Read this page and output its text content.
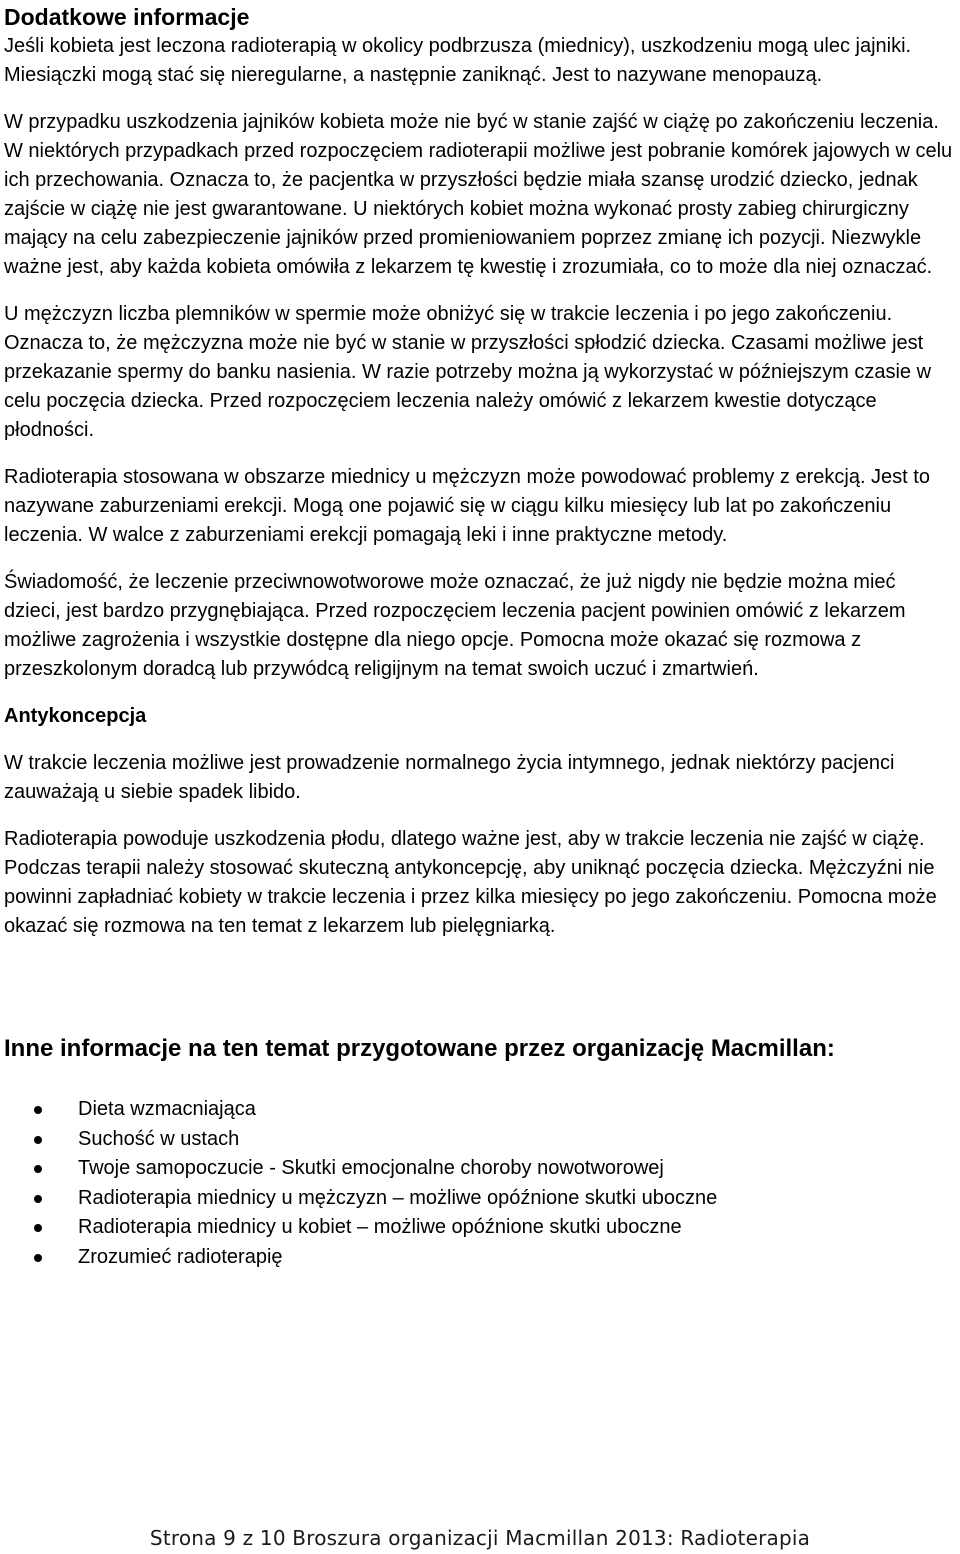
Dodatkowe informacje

Jeśli kobieta jest leczona radioterapią w okolicy podbrzusza (miednicy), uszkodzeniu mogą ulec jajniki. Miesiączki mogą stać się nieregularne, a następnie zaniknąć. Jest to nazywane menopauzą.

W przypadku uszkodzenia jajników kobieta może nie być w stanie zajść w ciążę po zakończeniu leczenia. W niektórych przypadkach przed rozpoczęciem radioterapii możliwe jest pobranie komórek jajowych w celu ich przechowania. Oznacza to, że pacjentka w przyszłości będzie miała szansę urodzić dziecko, jednak zajście w ciążę nie jest gwarantowane. U niektórych kobiet można wykonać prosty zabieg chirurgiczny mający na celu zabezpieczenie jajników przed promieniowaniem poprzez zmianę ich pozycji. Niezwykle ważne jest, aby każda kobieta omówiła z lekarzem tę kwestię i zrozumiała, co to może dla niej oznaczać.

U mężczyzn liczba plemników w spermie może obniżyć się w trakcie leczenia i po jego zakończeniu. Oznacza to, że mężczyzna może nie być w stanie w przyszłości spłodzić dziecka. Czasami możliwe jest przekazanie spermy do banku nasienia. W razie potrzeby można ją wykorzystać w późniejszym czasie w celu poczęcia dziecka. Przed rozpoczęciem leczenia należy omówić z lekarzem kwestie dotyczące płodności.

Radioterapia stosowana w obszarze miednicy u mężczyzn może powodować problemy z erekcją. Jest to nazywane zaburzeniami erekcji. Mogą one pojawić się w ciągu kilku miesięcy lub lat po zakończeniu leczenia. W walce z zaburzeniami erekcji pomagają leki i inne praktyczne metody.

Świadomość, że leczenie przeciwnowotworowe może oznaczać, że już nigdy nie będzie można mieć dzieci, jest bardzo przygnębiająca. Przed rozpoczęciem leczenia pacjent powinien omówić z lekarzem możliwe zagrożenia i wszystkie dostępne dla niego opcje. Pomocna może okazać się rozmowa z przeszkolonym doradcą lub przywódcą religijnym na temat swoich uczuć i zmartwień.

Antykoncepcja

W trakcie leczenia możliwe jest prowadzenie normalnego życia intymnego, jednak niektórzy pacjenci zauważają u siebie spadek libido.

Radioterapia powoduje uszkodzenia płodu, dlatego ważne jest, aby w trakcie leczenia nie zajść w ciążę. Podczas terapii należy stosować skuteczną antykoncepcję, aby uniknąć poczęcia dziecka. Mężczyźni nie powinni zapładniać kobiety w trakcie leczenia i przez kilka miesięcy po jego zakończeniu. Pomocna może okazać się rozmowa na ten temat z lekarzem lub pielęgniarką.

Inne informacje na ten temat przygotowane przez organizację Macmillan:
Dieta wzmacniająca
Suchość w ustach
Twoje samopoczucie - Skutki emocjonalne choroby nowotworowej
Radioterapia miednicy u mężczyzn – możliwe opóźnione skutki uboczne
Radioterapia miednicy u kobiet – możliwe opóźnione skutki uboczne
Zrozumieć radioterapię
Strona 9 z 10 Broszura organizacji Macmillan 2013: Radioterapia
